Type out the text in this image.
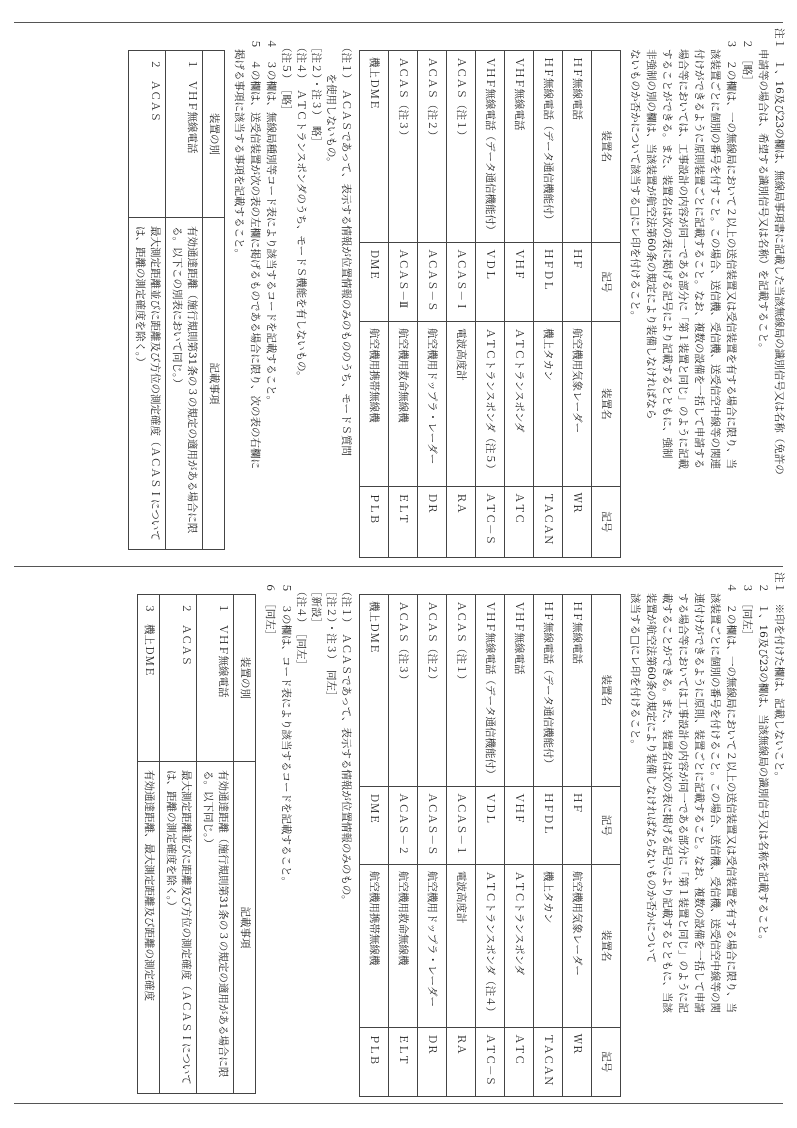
注１　１、16及び23の欄は、無線局事項書に記載した当該無線局の識別信号又は名称（免許の

　　申請等の場合は、希望する識別信号又は名称）を記載すること。

　２　［略］

　３　２の欄は、一の無線局において２以上の送信装置又は受信装置を有する場合に限り、当

　　該装置ごとに個別の番号を付すこと。この場合、送信機、受信機、送受信空中線等の関連

　　付けができるように原則装置ごとに記載すること。なお、複数の設備を一括して申請する

　　場合等においては、工事設計の内容が同一である部分に「第１装置と同じ」のように記載

　　することができる。また、装置名は次の表に掲げる記号により記載するとともに、強制

　　非強制の別の欄は、当該装置が航空法第60条の規定により装備しなければなら

　　ないものか否かについて該当する□にレ印を付けること。

装置名	記号	装置名	記号
ＨＦ無線電話	ＨＦ	航空機用気象レーダー	ＷＲ
ＨＦ無線電話（データ通信機能付）	ＨＦＤＬ	機上タカン	ＴＡＣＡＮ
ＶＨＦ無線電話	ＶＨＦ	ＡＴＣトランスポンダ	ＡＴＣ
ＶＨＦ無線電話（データ通信機能付）	ＶＤＬ	ＡＴＣトランスポンダ（注５）	ＡＴＣ－Ｓ
ＡＣＡＳ（注１）	ＡＣＡＳ－Ｉ	電波高度計	ＲＡ
ＡＣＡＳ（注２）	ＡＣＡＳ－Ｓ	航空機用ドップラ・レーダー	ＤＲ
ＡＣＡＳ（注３）	ＡＣＡＳ－Ⅱ	航空機用救命無線機	ＥＬＴ
機上ＤＭＥ	ＤＭＥ	航空機用携帯無線機	ＰＬＢ

（注１）　ＡＣＡＳであって、表示する情報が位置情報のみのもののうち、モードＳ質問

　　　を使用しないもの。

［注２）・注３）　略］

（注４）　ＡＴＣトランスポンダのうち、モードＳ機能を有しないもの。

（注５）　［略］

　４　３の欄は、無線局種別等コード表により該当するコードを記載すること。

　５　４の欄は、送受信装置が次の表の左欄に掲げるものである場合に限り、次の表の右欄に

　　掲げる事項に該当する事項を記載すること。

装置の別	記載事項
１　ＶＨＦ無線電話	有効通達距離（施行規則第31条の３の規定の適用がある場合に限る。以下この別表において同じ。）
２　ＡＣＡＳ	最大測定距離並びに距離及び方位の測定確度（ＡＣＡＳＩについては、距離の測定確度を除く。）

注１　※印を付けた欄は、記載しないこと。

　２　１、16及び23の欄は、当該無線局の識別信号又は名称を記載すること。

　３　［同左］

　４　２の欄は、一の無線局において２以上の送信装置又は受信装置を有する場合に限り、当

　　該装置ごとに個別の番号を付けること。この場合、送信機、受信機、送受信空中線等の関

　　連付けができるように原則、装置ごとに記載すること。なお、複数の設備を一括して申請

　　する場合等においては工事設計の内容が同一である部分に「第１装置と同じ」のように記

　　載することができる。また、装置名は次の表に掲げる記号により記載するとともに、当該

　　装置が航空法第60条の規定により装備しなければならないものか否かについて

　　該当する□にレ印を付けること。

装置名	記号	装置名	記号
ＨＦ無線電話	ＨＦ	航空機用気象レーダー	ＷＲ
ＨＦ無線電話（データ通信機能付）	ＨＦＤＬ	機上タカン	ＴＡＣＡＮ
ＶＨＦ無線電話	ＶＨＦ	ＡＴＣトランスポンダ	ＡＴＣ
ＶＨＦ無線電話（データ通信機能付）	ＶＤＬ	ＡＴＣトランスポンダ（注４）	ＡＴＣ－Ｓ
ＡＣＡＳ（注１）	ＡＣＡＳ－１	電波高度計	ＲＡ
ＡＣＡＳ（注２）	ＡＣＡＳ－Ｓ	航空機用ドップラ・レーダー	ＤＲ
ＡＣＡＳ（注３）	ＡＣＡＳ－２	航空機用救命無線機	ＥＬＴ
機上ＤＭＥ	ＤＭＥ	航空機用携帯無線機	ＰＬＢ

（注１）　ＡＣＡＳであって、表示する情報が位置情報のみのもの。

［注２）・注３）　同左］

［新設］

（注４）　［同左］

　５　３の欄は、コード表により該当するコードを記載すること。

　６　［同左］

装置の別	記載事項
１　ＶＨＦ無線電話	有効通達距離（施行規則第31条の３の規定の適用がある場合に限る。以下同じ。）
２　ＡＣＡＳ	最大測定距離並びに距離及び方位の測定確度（ＡＣＡＳＩについては、距離の測定確度を除く。）
３　機上ＤＭＥ	有効通達距離、最大測定距離及び距離の測定確度
